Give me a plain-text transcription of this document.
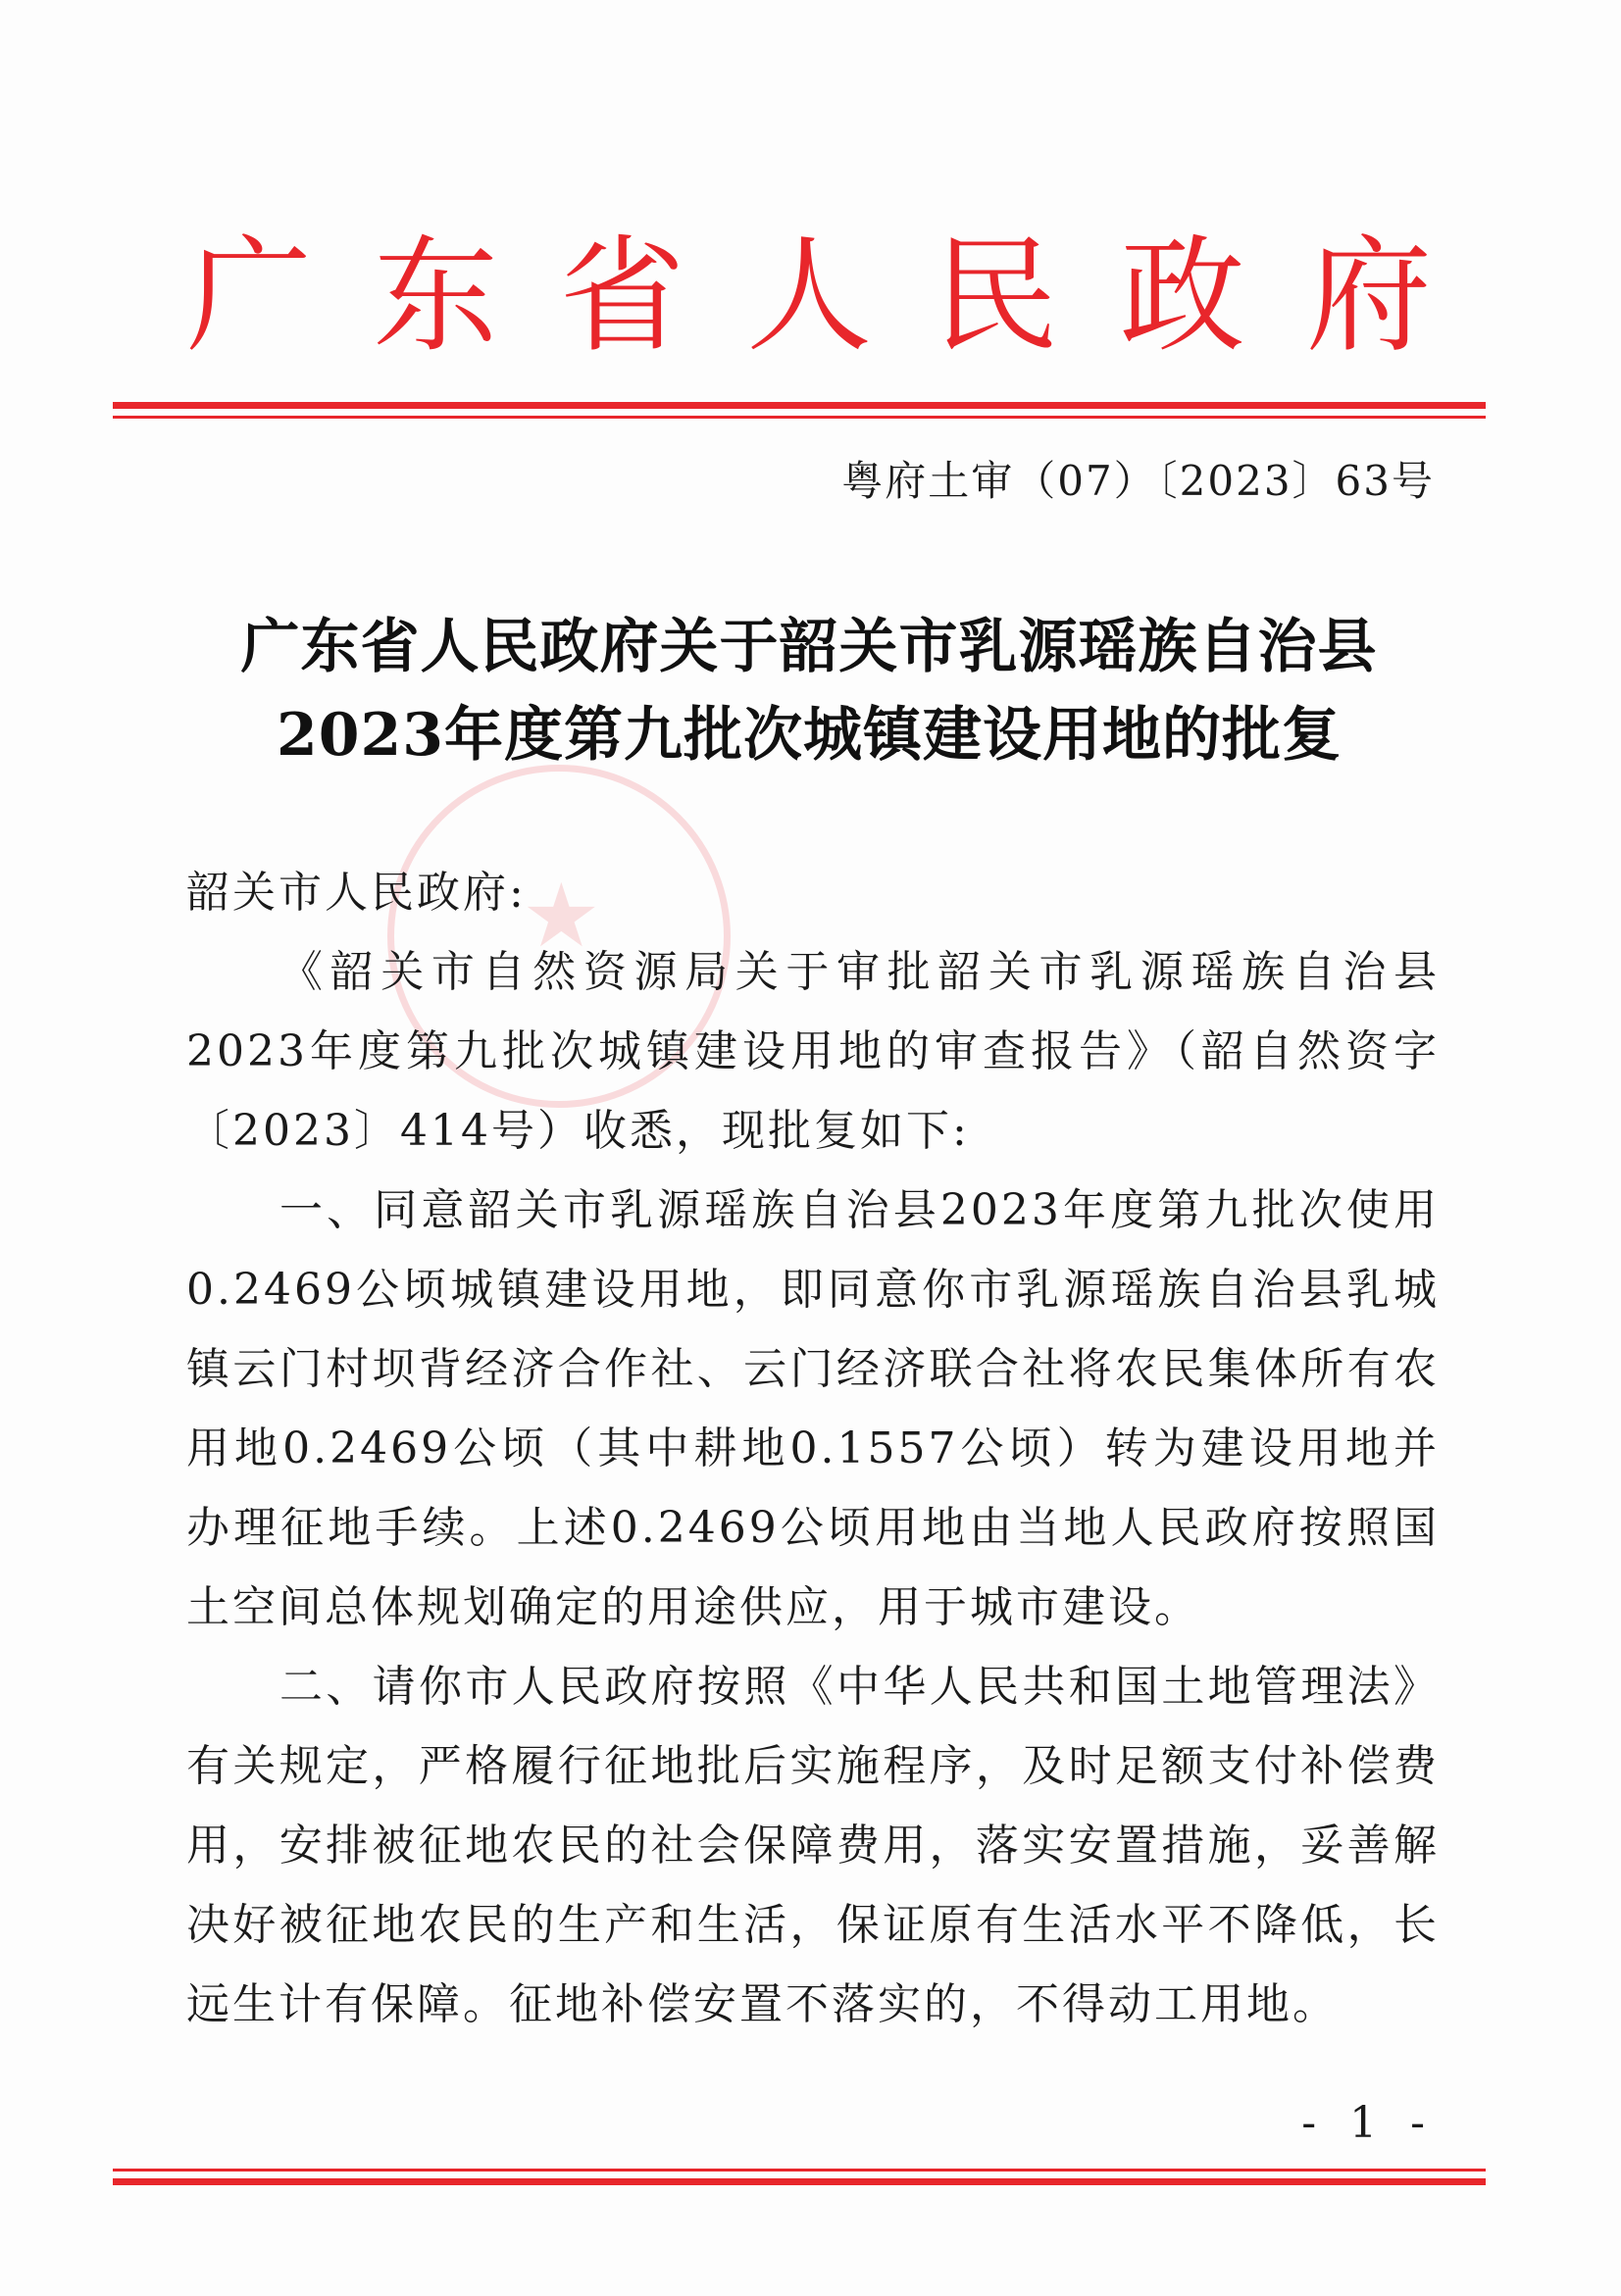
广 东 省 人 民 政 府
粤府土审（07）〔2023〕63号
★
广东省人民政府关于韶关市乳源瑶族自治县
2023年度第九批次城镇建设用地的批复

韶关市人民政府:

《韶关市自然资源局关于审批韶关市乳源瑶族自治县2023年度第九批次城镇建设用地的审查报告》（韶自然资字〔2023〕414号）收悉，现批复如下:

一、同意韶关市乳源瑶族自治县2023年度第九批次使用0.2469公顷城镇建设用地，即同意你市乳源瑶族自治县乳城镇云门村坝背经济合作社、云门经济联合社将农民集体所有农用地0.2469公顷（其中耕地0.1557公顷）转为建设用地并办理征地手续。上述0.2469公顷用地由当地人民政府按照国土空间总体规划确定的用途供应，用于城市建设。

二、请你市人民政府按照《中华人民共和国土地管理法》有关规定，严格履行征地批后实施程序，及时足额支付补偿费用，安排被征地农民的社会保障费用，落实安置措施，妥善解决好被征地农民的生产和生活，保证原有生活水平不降低，长远生计有保障。征地补偿安置不落实的，不得动工用地。

- 1 -
